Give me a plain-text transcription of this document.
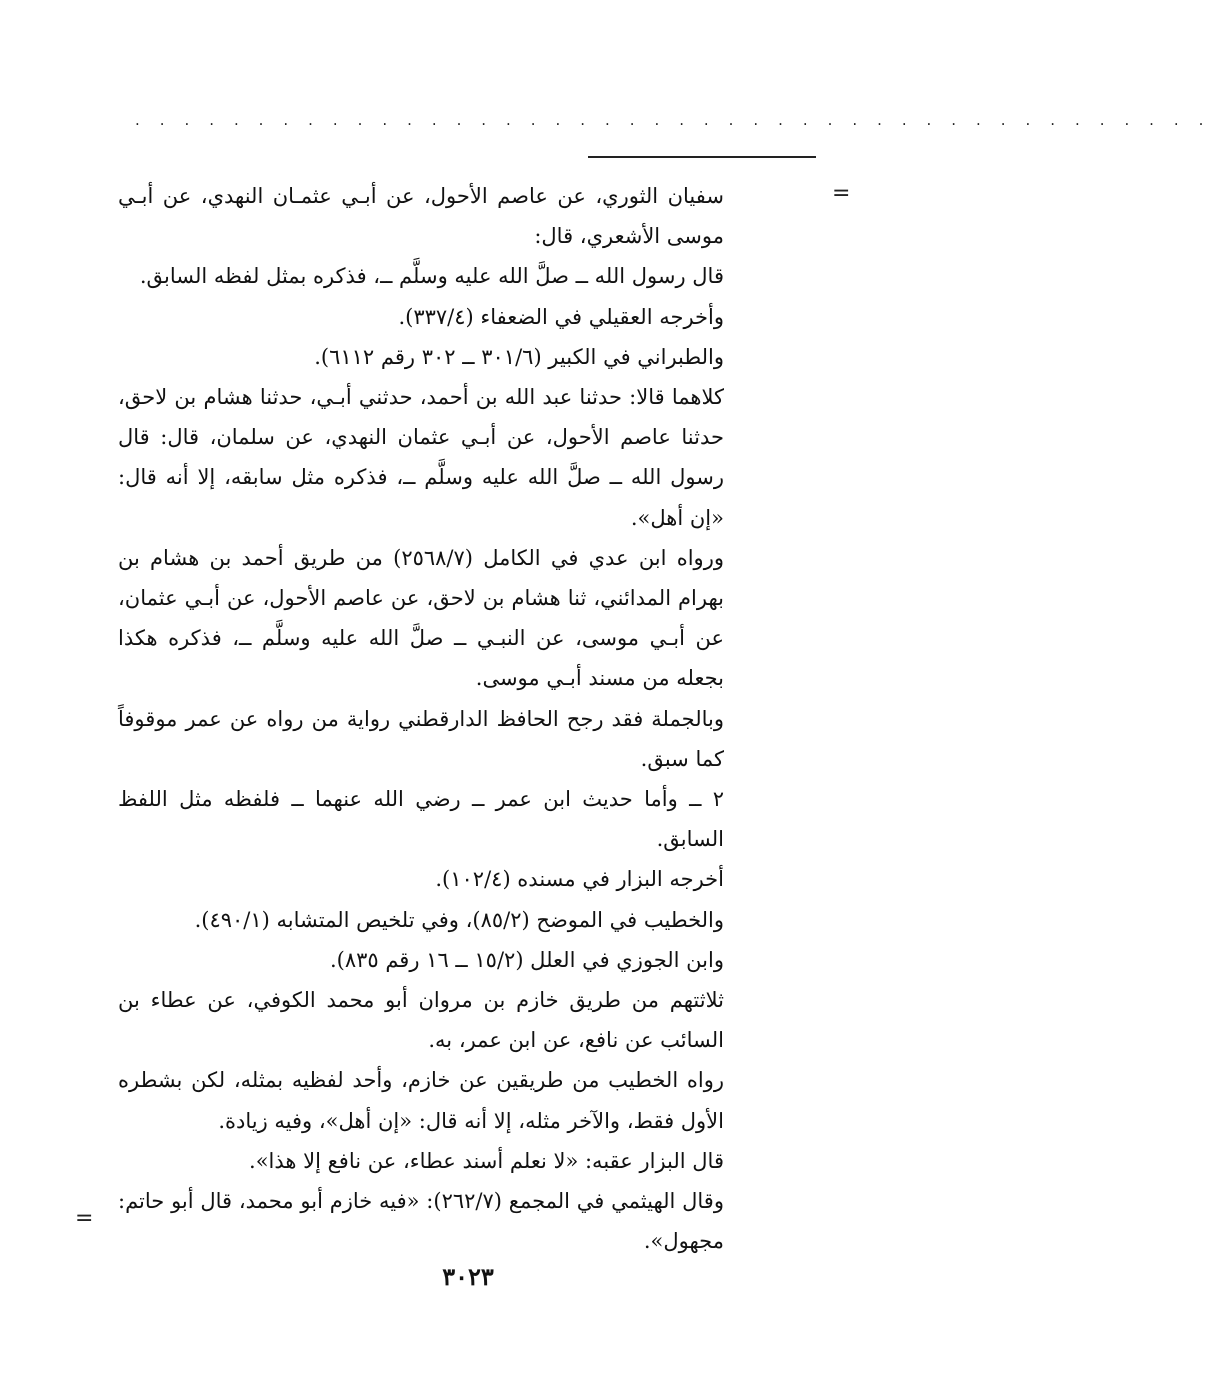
. . . . . . . . . . . . . . . . . . . . . . . . . . . . . . . . . . . . . . . . . . . .
=

سفيان الثوري، عن عاصم الأحول، عن أبـي عثمـان النهدي، عن أبـي موسى الأشعري، قال:

قال رسول الله ــ صلَّ الله عليه وسلَّم ــ، فذكره بمثل لفظه السابق.

وأخرجه العقيلي في الضعفاء (٣٣٧/٤).

والطبراني في الكبير (٣٠١/٦ ــ ٣٠٢ رقم ٦١١٢).

كلاهما قالا: حدثنا عبد الله بن أحمد، حدثني أبـي، حدثنا هشام بن لاحق، حدثنا عاصم الأحول، عن أبـي عثمان النهدي، عن سلمان، قال: قال رسول الله ــ صلَّ الله عليه وسلَّم ــ، فذكره مثل سابقه، إلا أنه قال: «إن أهل».

ورواه ابن عدي في الكامل (٢٥٦٨/٧) من طريق أحمد بن هشام بن بهرام المدائني، ثنا هشام بن لاحق، عن عاصم الأحول، عن أبـي عثمان، عن أبـي موسى، عن النبـي ــ صلَّ الله عليه وسلَّم ــ، فذكره هكذا بجعله من مسند أبـي موسى.

وبالجملة فقد رجح الحافظ الدارقطني رواية من رواه عن عمر موقوفاً كما سبق.

٢ ــ وأما حديث ابن عمر ــ رضي الله عنهما ــ فلفظه مثل اللفظ السابق.

أخرجه البزار في مسنده (١٠٢/٤).

والخطيب في الموضح (٨٥/٢)، وفي تلخيص المتشابه (٤٩٠/١).

وابن الجوزي في العلل (١٥/٢ ــ ١٦ رقم ٨٣٥).

ثلاثتهم من طريق خازم بن مروان أبو محمد الكوفي، عن عطاء بن السائب عن نافع، عن ابن عمر، به.

رواه الخطيب من طريقين عن خازم، وأحد لفظيه بمثله، لكن بشطره الأول فقط، والآخر مثله، إلا أنه قال: «إن أهل»، وفيه زيادة.

قال البزار عقبه: «لا نعلم أسند عطاء، عن نافع إلا هذا».

وقال الهيثمي في المجمع (٢٦٢/٧): «فيه خازم أبو محمد، قال أبو حاتم: مجهول».

=
٣٠٢٣
